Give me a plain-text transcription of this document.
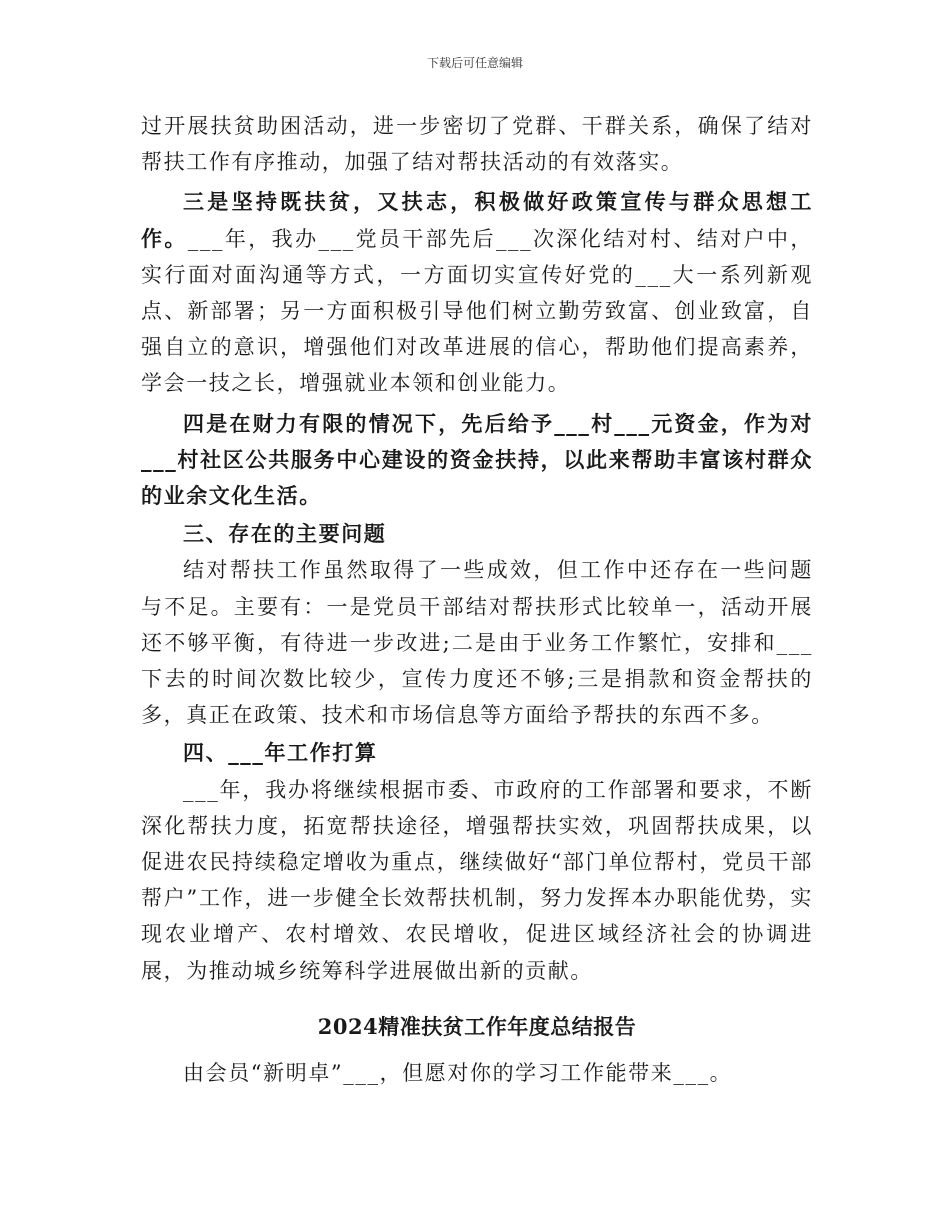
下载后可任意编辑

过开展扶贫助困活动，进一步密切了党群、干群关系，确保了结对帮扶工作有序推动，加强了结对帮扶活动的有效落实。

三是坚持既扶贫，又扶志，积极做好政策宣传与群众思想工作。___年，我办___党员干部先后___次深化结对村、结对户中，实行面对面沟通等方式，一方面切实宣传好党的___大一系列新观点、新部署；另一方面积极引导他们树立勤劳致富、创业致富，自强自立的意识，增强他们对改革进展的信心，帮助他们提高素养，学会一技之长，增强就业本领和创业能力。

四是在财力有限的情况下，先后给予___村___元资金，作为对___村社区公共服务中心建设的资金扶持，以此来帮助丰富该村群众的业余文化生活。

三、存在的主要问题

结对帮扶工作虽然取得了一些成效，但工作中还存在一些问题与不足。主要有：一是党员干部结对帮扶形式比较单一，活动开展还不够平衡，有待进一步改进;二是由于业务工作繁忙，安排和___下去的时间次数比较少，宣传力度还不够;三是捐款和资金帮扶的多，真正在政策、技术和市场信息等方面给予帮扶的东西不多。

四、___年工作打算

___年，我办将继续根据市委、市政府的工作部署和要求，不断深化帮扶力度，拓宽帮扶途径，增强帮扶实效，巩固帮扶成果，以促进农民持续稳定增收为重点，继续做好“部门单位帮村，党员干部帮户”工作，进一步健全长效帮扶机制，努力发挥本办职能优势，实现农业增产、农村增效、农民增收，促进区域经济社会的协调进展，为推动城乡统筹科学进展做出新的贡献。

2024精准扶贫工作年度总结报告

由会员“新明卓”___，但愿对你的学习工作能带来___。
